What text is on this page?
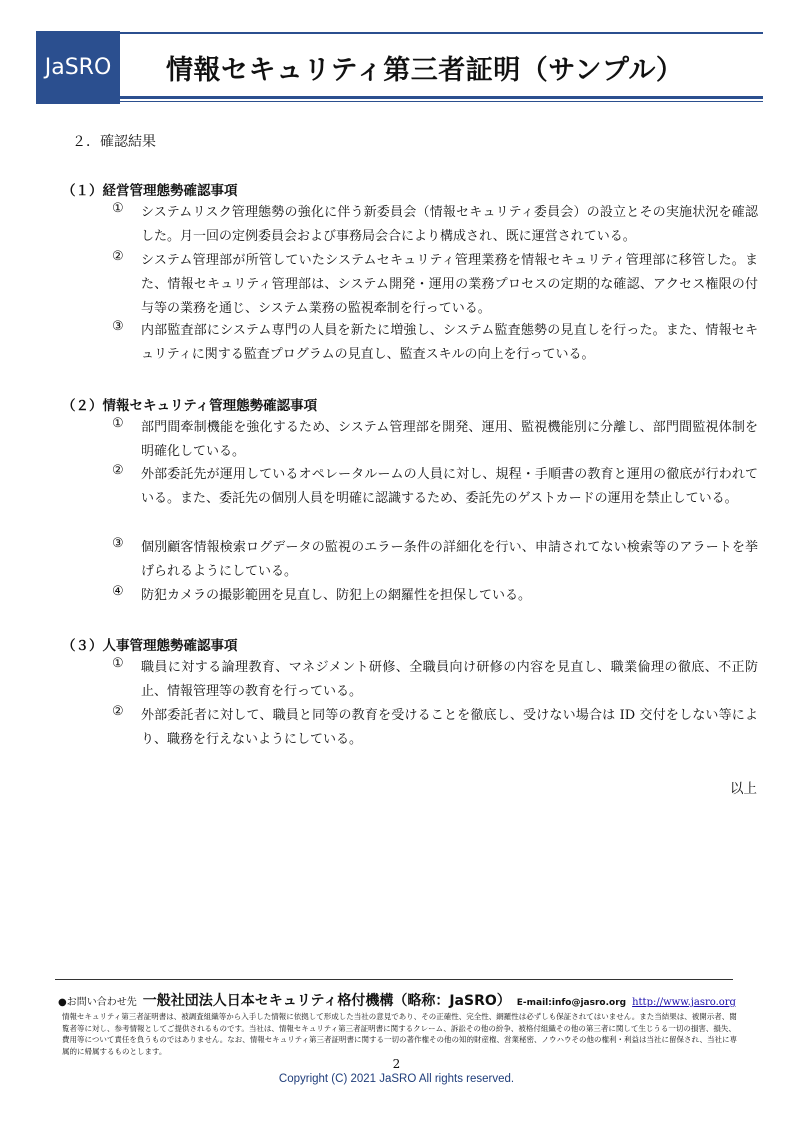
JaSRO	情報セキュリティ第三者証明（サンプル）
２．確認結果
（１）経営管理態勢確認事項
① システムリスク管理態勢の強化に伴う新委員会（情報セキュリティ委員会）の設立とその実施状況を確認した。月一回の定例委員会および事務局会合により構成され、既に運営されている。
② システム管理部が所管していたシステムセキュリティ管理業務を情報セキュリティ管理部に移管した。また、情報セキュリティ管理部は、システム開発・運用の業務プロセスの定期的な確認、アクセス権限の付与等の業務を通じ、システム業務の監視牽制を行っている。
③ 内部監査部にシステム専門の人員を新たに増強し、システム監査態勢の見直しを行った。また、情報セキュリティに関する監査プログラムの見直し、監査スキルの向上を行っている。
（２）情報セキュリティ管理態勢確認事項
① 部門間牽制機能を強化するため、システム管理部を開発、運用、監視機能別に分離し、部門間監視体制を明確化している。
② 外部委託先が運用しているオペレータルームの人員に対し、規程・手順書の教育と運用の徹底が行われている。また、委託先の個別人員を明確に認識するため、委託先のゲストカードの運用を禁止している。
③ 個別顧客情報検索ログデータの監視のエラー条件の詳細化を行い、申請されてない検索等のアラートを挙げられるようにしている。
④ 防犯カメラの撮影範囲を見直し、防犯上の網羅性を担保している。
（３）人事管理態勢確認事項
① 職員に対する論理教育、マネジメント研修、全職員向け研修の内容を見直し、職業倫理の徹底、不正防止、情報管理等の教育を行っている。
② 外部委託者に対して、職員と同等の教育を受けることを徹底し、受けない場合は ID 交付をしない等により、職務を行えないようにしている。
以上
●お問い合わせ先 一般社団法人日本セキュリティ格付機構（略称：JaSRO） E-mail:info@jasro.org http://www.jasro.org
情報セキュリティ第三者証明書は、被調査組織等から入手した情報に依拠して形成した当社の意見であり、その正確性、完全性、網羅性は必ずしも保証されてはいません。また当結果は、被開示者、閲覧者等に対し、参考情報としてご提供されるものです。当社は、情報セキュリティ第三者証明書に関するクレーム、訴訟その他の紛争、被格付組織その他の第三者に関して生じうる一切の損害、損失、費用等について責任を負うものではありません。なお、情報セキュリティ第三者証明書に関する一切の著作権その他の知的財産権、営業秘密、ノウハウその他の権利・利益は当社に留保され、当社に専属的に帰属するものとします。
2
Copyright (C) 2021 JaSRO All rights reserved.
